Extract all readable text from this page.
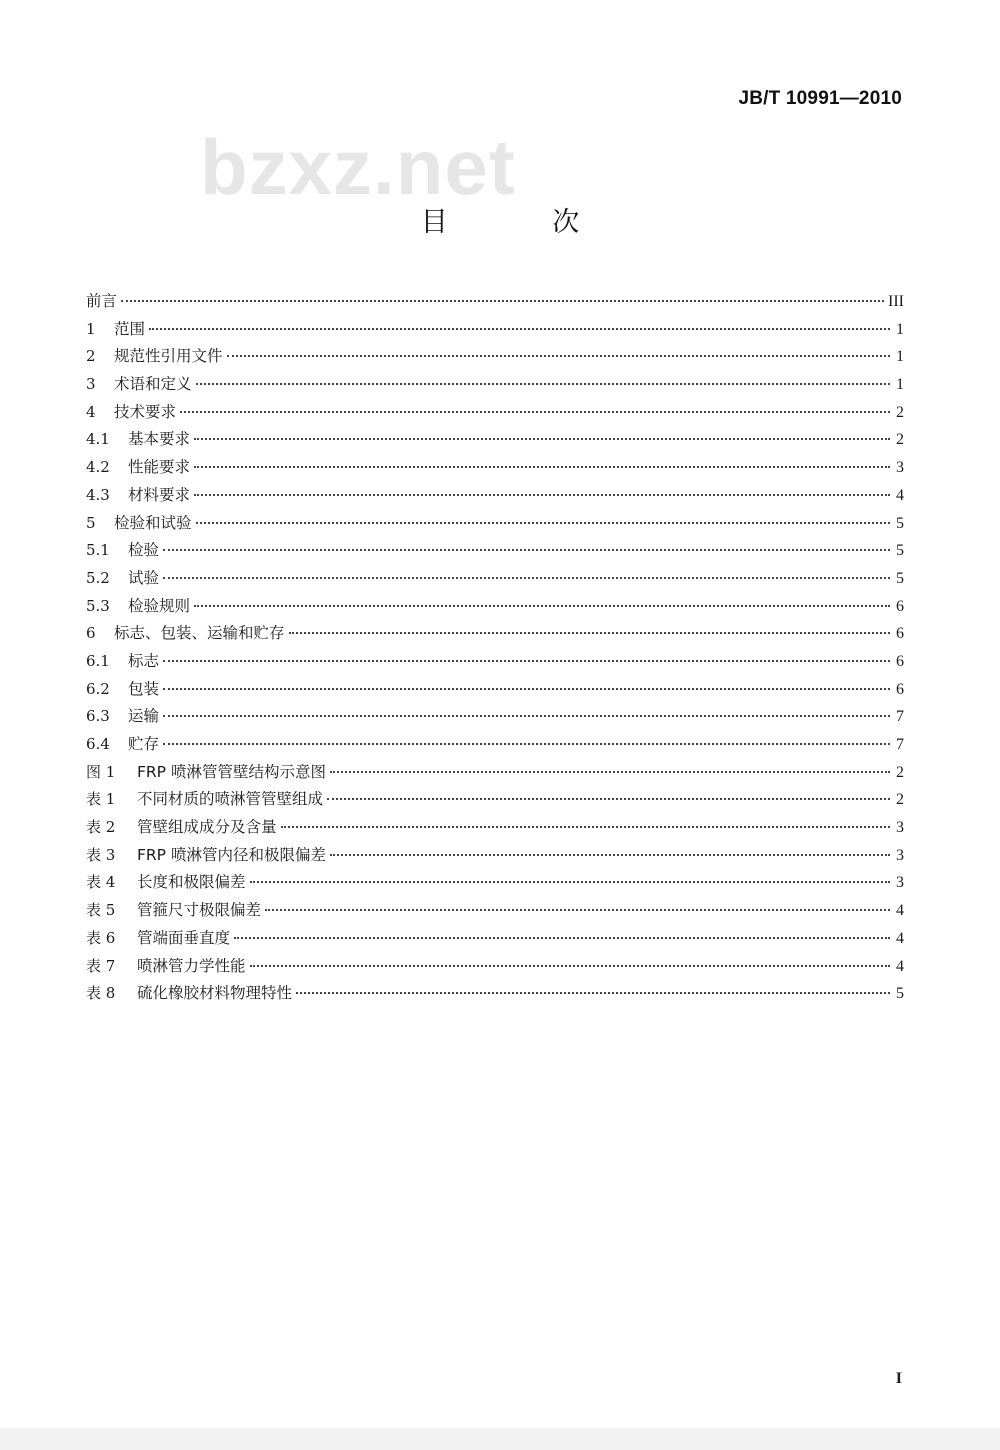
JB/T 10991—2010
bzxz.net
目 次
前言	III
1	范围	1
2	规范性引用文件	1
3	术语和定义	1
4	技术要求	2
4.1	基本要求	2
4.2	性能要求	3
4.3	材料要求	4
5	检验和试验	5
5.1	检验	5
5.2	试验	5
5.3	检验规则	6
6	标志、包装、运输和贮存	6
6.1	标志	6
6.2	包装	6
6.3	运输	7
6.4	贮存	7
图 1	FRP 喷淋管管壁结构示意图	2
表 1	不同材质的喷淋管管壁组成	2
表 2	管壁组成成分及含量	3
表 3	FRP 喷淋管内径和极限偏差	3
表 4	长度和极限偏差	3
表 5	管箍尺寸极限偏差	4
表 6	管端面垂直度	4
表 7	喷淋管力学性能	4
表 8	硫化橡胶材料物理特性	5
I
